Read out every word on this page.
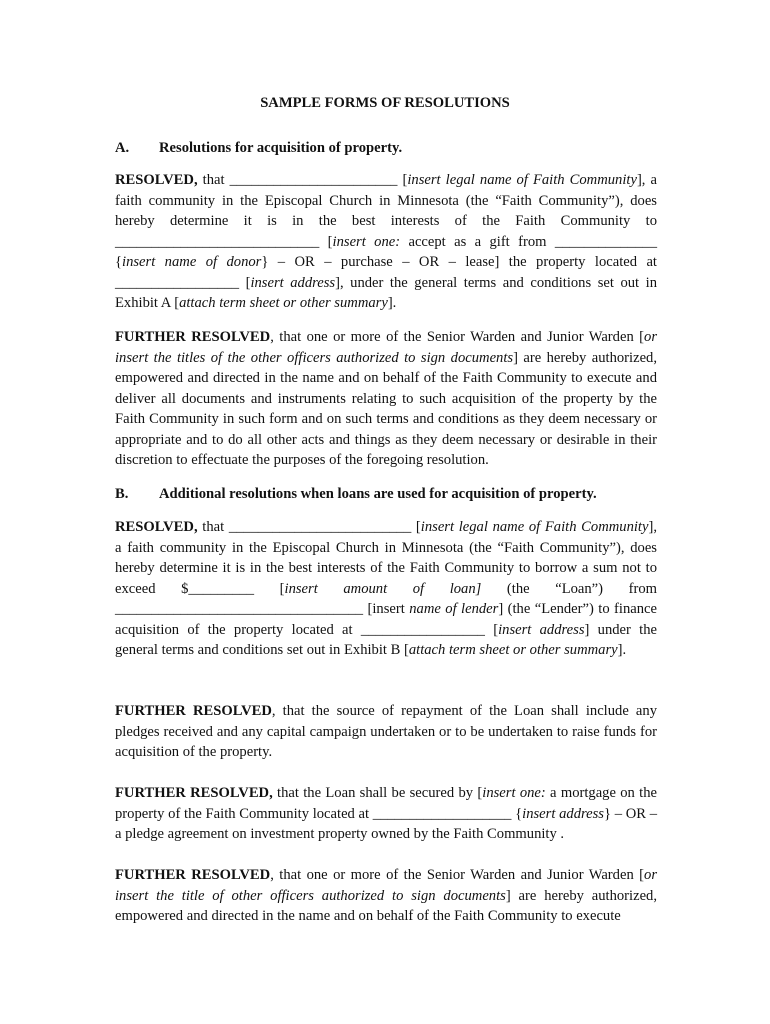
SAMPLE FORMS OF RESOLUTIONS
A. Resolutions for acquisition of property.

RESOLVED, that _______________________ [insert legal name of Faith Community], a faith community in the Episcopal Church in Minnesota (the “Faith Community”), does hereby determine it is in the best interests of the Faith Community to ____________________________ [insert one: accept as a gift from ______________ {insert name of donor} – OR – purchase – OR – lease] the property located at _________________ [insert address], under the general terms and conditions set out in Exhibit A [attach term sheet or other summary].

FURTHER RESOLVED, that one or more of the Senior Warden and Junior Warden [or insert the titles of the other officers authorized to sign documents] are hereby authorized, empowered and directed in the name and on behalf of the Faith Community to execute and deliver all documents and instruments relating to such acquisition of the property by the Faith Community in such form and on such terms and conditions as they deem necessary or appropriate and to do all other acts and things as they deem necessary or desirable in their discretion to effectuate the purposes of the foregoing resolution.

B. Additional resolutions when loans are used for acquisition of property.

RESOLVED, that _________________________ [insert legal name of Faith Community], a faith community in the Episcopal Church in Minnesota (the “Faith Community”), does hereby determine it is in the best interests of the Faith Community to borrow a sum not to exceed $_________ [insert amount of loan] (the “Loan”) from __________________________________ [insert name of lender] (the “Lender”) to finance acquisition of the property located at _________________ [insert address] under the general terms and conditions set out in Exhibit B [attach term sheet or other summary].

FURTHER RESOLVED, that the source of repayment of the Loan shall include any pledges received and any capital campaign undertaken or to be undertaken to raise funds for acquisition of the property.

FURTHER RESOLVED, that the Loan shall be secured by [insert one: a mortgage on the property of the Faith Community located at ___________________ {insert address} – OR – a pledge agreement on investment property owned by the Faith Community .

FURTHER RESOLVED, that one or more of the Senior Warden and Junior Warden [or insert the title of other officers authorized to sign documents] are hereby authorized, empowered and directed in the name and on behalf of the Faith Community to execute
